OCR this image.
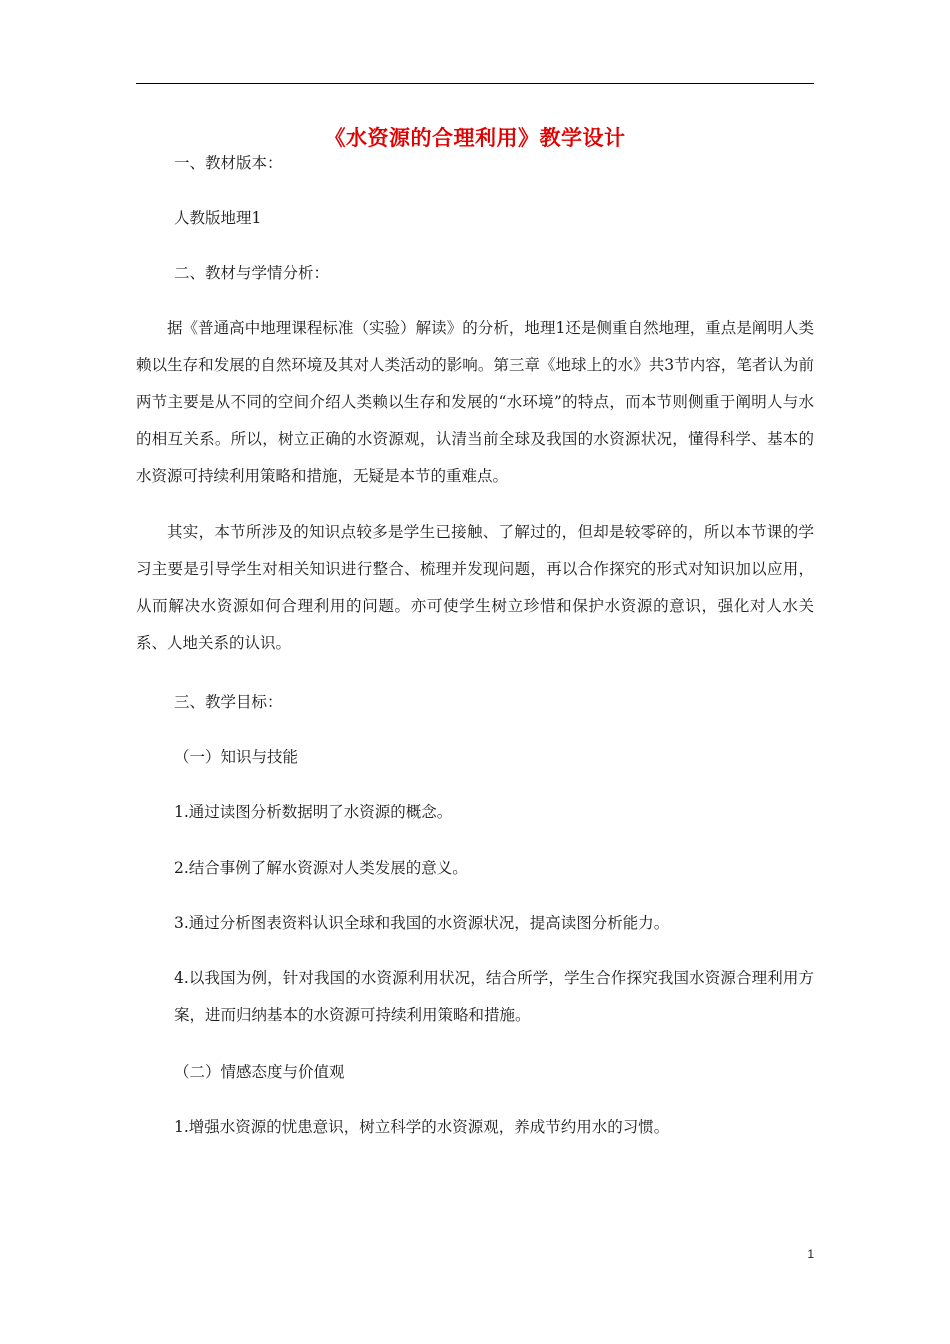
《水资源的合理利用》教学设计
一、教材版本：
人教版地理1
二、教材与学情分析：

据《普通高中地理课程标准（实验）解读》的分析，地理1还是侧重自然地理，重点是阐明人类赖以生存和发展的自然环境及其对人类活动的影响。第三章《地球上的水》共3节内容，笔者认为前两节主要是从不同的空间介绍人类赖以生存和发展的“水环境”的特点，而本节则侧重于阐明人与水的相互关系。所以，树立正确的水资源观，认清当前全球及我国的水资源状况，懂得科学、基本的水资源可持续利用策略和措施，无疑是本节的重难点。

其实，本节所涉及的知识点较多是学生已接触、了解过的，但却是较零碎的，所以本节课的学习主要是引导学生对相关知识进行整合、梳理并发现问题，再以合作探究的形式对知识加以应用，从而解决水资源如何合理利用的问题。亦可使学生树立珍惜和保护水资源的意识，强化对人水关系、人地关系的认识。

三、教学目标：
（一）知识与技能
1.通过读图分析数据明了水资源的概念。
2.结合事例了解水资源对人类发展的意义。
3.通过分析图表资料认识全球和我国的水资源状况，提高读图分析能力。

4.以我国为例，针对我国的水资源利用状况，结合所学，学生合作探究我国水资源合理利用方案，进而归纳基本的水资源可持续利用策略和措施。

（二）情感态度与价值观
1.增强水资源的忧患意识，树立科学的水资源观，养成节约用水的习惯。
1
